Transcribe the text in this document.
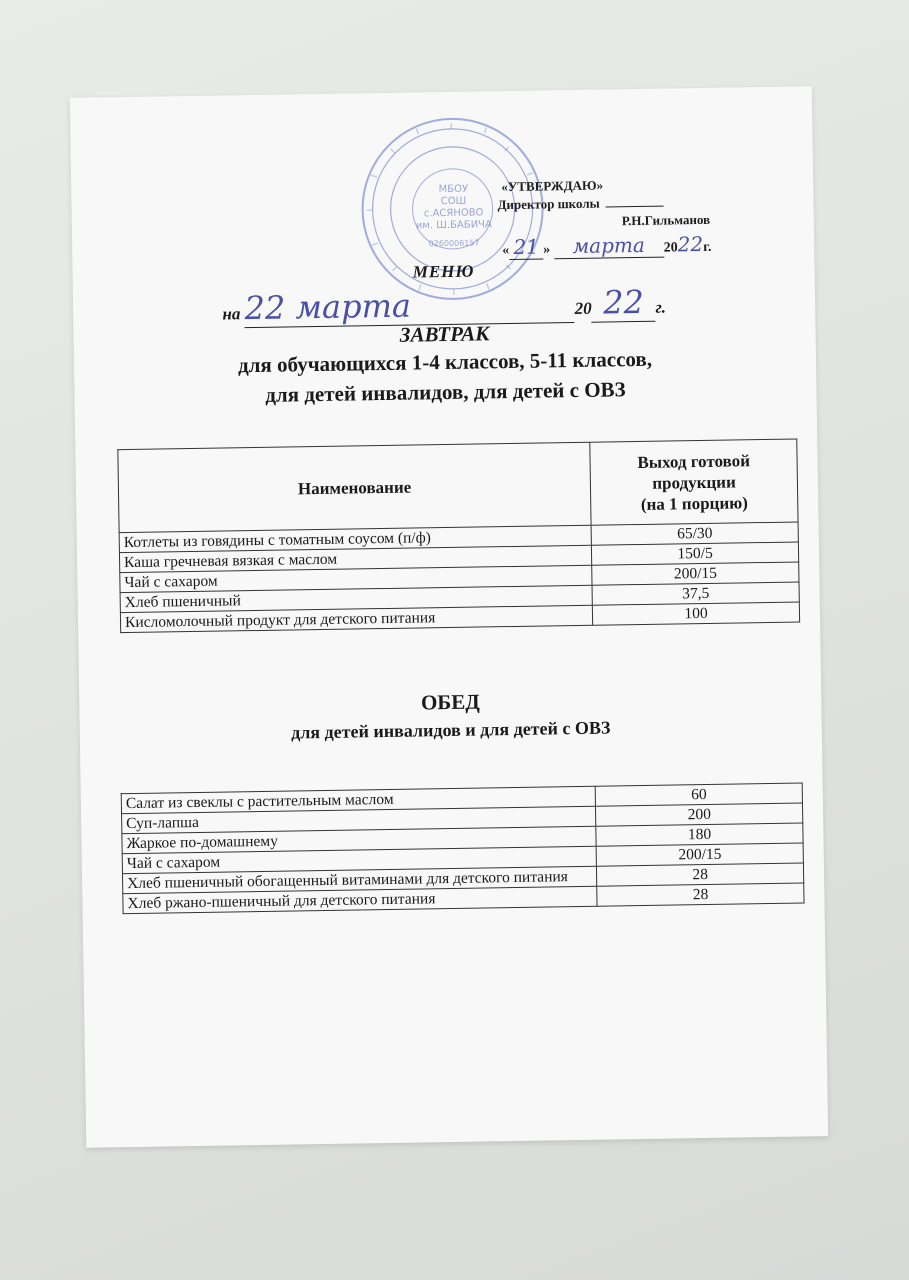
МБОУ
СОШ
с.АСЯНОВО
им. Ш.БАБИЧА
0260006157
«УТВЕРЖДАЮ»
Директор школы
Р.Н.Гильманов
« 21 » марта 2022г.
МЕНЮ
на 22 марта	20 22 г.
ЗАВТРАК
для обучающихся 1-4 классов, 5-11 классов,
для детей инвалидов, для детей с ОВЗ
Наименование	Выход готовой
продукции
(на 1 порцию)

Котлеты из говядины с томатным соусом (п/ф)	65/30
Каша гречневая вязкая с маслом	150/5
Чай с сахаром	200/15
Хлеб пшеничный	37,5
Кисломолочный продукт для детского питания	100
ОБЕД
для детей инвалидов и для детей с ОВЗ
Салат из свеклы с растительным маслом	60
Суп-лапша	200
Жаркое по-домашнему	180
Чай с сахаром	200/15
Хлеб пшеничный обогащенный витаминами для детского питания	28
Хлеб ржано-пшеничный для детского питания	28
